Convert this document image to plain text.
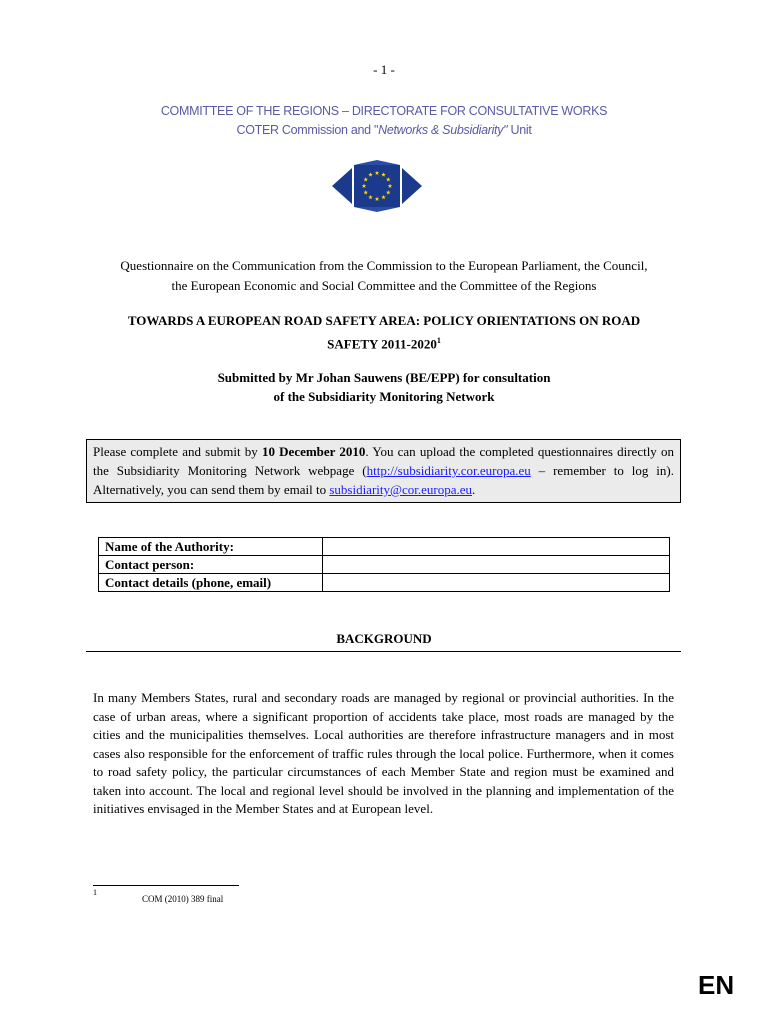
- 1 -
COMMITTEE OF THE REGIONS – DIRECTORATE FOR CONSULTATIVE WORKS
COTER Commission and "Networks & Subsidiarity" Unit
Questionnaire on the Communication from the Commission to the European Parliament, the Council,
the European Economic and Social Committee and the Committee of the Regions
TOWARDS A EUROPEAN ROAD SAFETY AREA: POLICY ORIENTATIONS ON ROAD
SAFETY 2011-2020$^1$
Submitted by Mr Johan Sauwens (BE/EPP) for consultation
of the Subsidiarity Monitoring Network
Please complete and submit by 10 December 2010. You can upload the completed questionnaires directly on the Subsidiarity Monitoring Network webpage (http://subsidiarity.cor.europa.eu – remember to log in). Alternatively, you can send them by email to subsidiarity@cor.europa.eu.
Name of the Authority:	
Contact person:	
Contact details (phone, email)	
BACKGROUND
In many Members States, rural and secondary roads are managed by regional or provincial authorities. In the case of urban areas, where a significant proportion of accidents take place, most roads are managed by the cities and the municipalities themselves. Local authorities are therefore infrastructure managers and in most cases also responsible for the enforcement of traffic rules through the local police. Furthermore, when it comes to road safety policy, the particular circumstances of each Member State and region must be examined and taken into account. The local and regional level should be involved in the planning and implementation of the initiatives envisaged in the Member States and at European level.
1
COM (2010) 389 final
EN
